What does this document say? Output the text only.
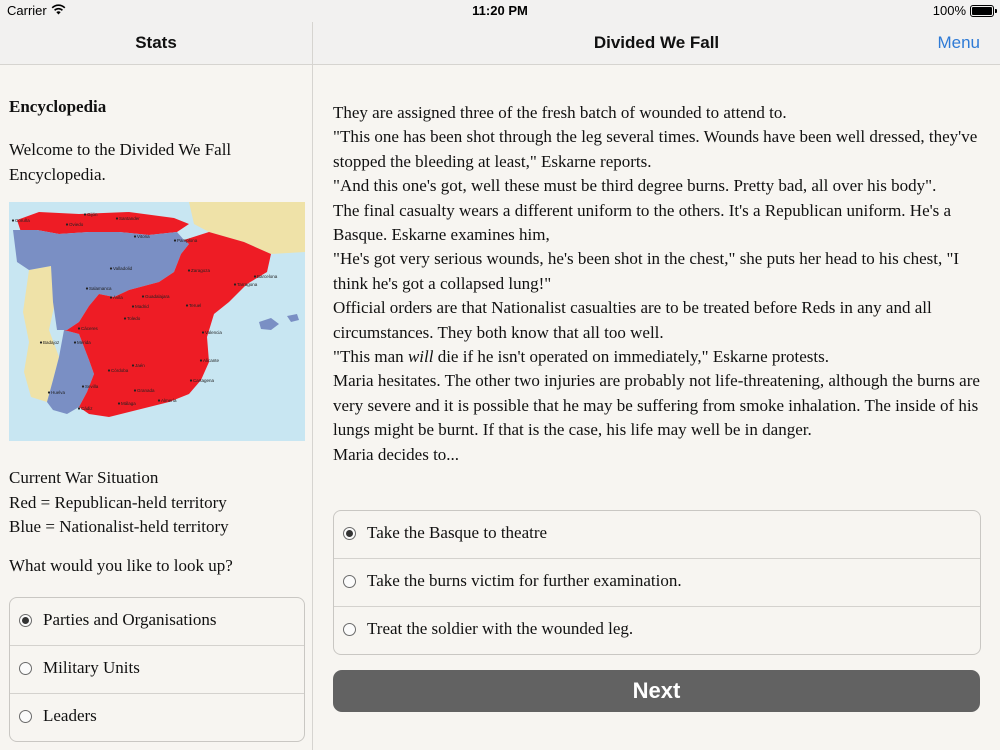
Carrier	11:20 PM	100%
Stats	Divided We Fall	Menu
Encyclopedia
Welcome to the Divided We Fall Encyclopedia.
Gijón
Santander
Coruña
Oviedo
Vitoria
Pamplona
Valladolid	Zaragoza
Barcelona
Tarragona
Salamanca
Ávila	Guadalajara
Madrid
Toledo
Teruel
Valencia
Cáceres
Badajoz	Mérida
Córdoba
Alicante
Jaén
Cartagena
Sevilla
Huelva	Granada
Málaga
Almería
Cádiz
Current War Situation
Red = Republican-held territory
Blue = Nationalist-held territory
What would you like to look up?
Parties and Organisations
Military Units
Leaders

They are assigned three of the fresh batch of wounded to attend to.

"This one has been shot through the leg several times. Wounds have been well dressed, they've stopped the bleeding at least," Eskarne reports.

"And this one's got, well these must be third degree burns. Pretty bad, all over his body".

The final casualty wears a different uniform to the others. It's a Republican uniform. He's a Basque. Eskarne examines him,

"He's got very serious wounds, he's been shot in the chest," she puts her head to his chest, "I think he's got a collapsed lung!"

Official orders are that Nationalist casualties are to be treated before Reds in any and all circumstances. They both know that all too well.

"This man will die if he isn't operated on immediately," Eskarne protests.

Maria hesitates. The other two injuries are probably not life-threatening, although the burns are very severe and it is possible that he may be suffering from smoke inhalation. The inside of his lungs might be burnt. If that is the case, his life may well be in danger.

Maria decides to...

Take the Basque to theatre
Take the burns victim for further examination.
Treat the soldier with the wounded leg.
Next
